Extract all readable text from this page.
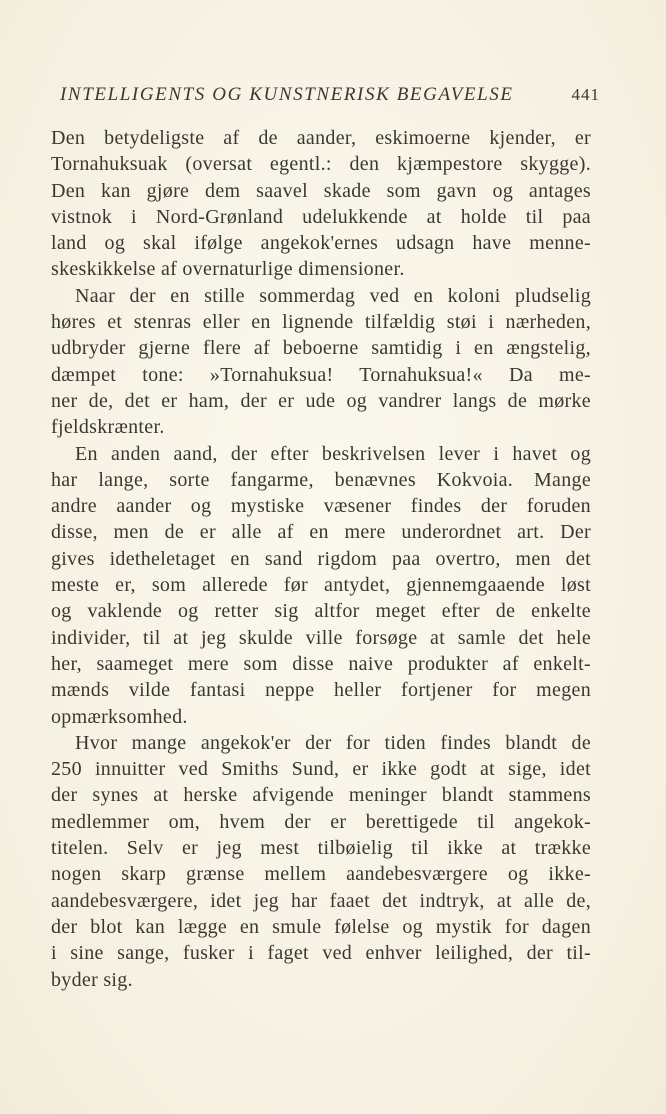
INTELLIGENTS OG KUNSTNERISK BEGAVELSE	441
Den betydeligste af de aander, eskimoerne kjender, er
Tornahuksuak (oversat egentl.: den kjæmpestore skygge).
Den kan gjøre dem saavel skade som gavn og antages
vistnok i Nord-Grønland udelukkende at holde til paa
land og skal ifølge angekok'ernes udsagn have menne-
skeskikkelse af overnaturlige dimensioner.
Naar der en stille sommerdag ved en koloni pludselig
høres et stenras eller en lignende tilfældig støi i nærheden,
udbryder gjerne flere af beboerne samtidig i en ængstelig,
dæmpet tone: »Tornahuksua! Tornahuksua!« Da me-
ner de, det er ham, der er ude og vandrer langs de mørke
fjeldskrænter.
En anden aand, der efter beskrivelsen lever i havet og
har lange, sorte fangarme, benævnes Kokvoia. Mange
andre aander og mystiske væsener findes der foruden
disse, men de er alle af en mere underordnet art. Der
gives idetheletaget en sand rigdom paa overtro, men det
meste er, som allerede før antydet, gjennemgaaende løst
og vaklende og retter sig altfor meget efter de enkelte
individer, til at jeg skulde ville forsøge at samle det hele
her, saameget mere som disse naive produkter af enkelt-
mænds vilde fantasi neppe heller fortjener for megen
opmærksomhed.
Hvor mange angekok'er der for tiden findes blandt de
250 innuitter ved Smiths Sund, er ikke godt at sige, idet
der synes at herske afvigende meninger blandt stammens
medlemmer om, hvem der er berettigede til angekok-
titelen. Selv er jeg mest tilbøielig til ikke at trække
nogen skarp grænse mellem aandebesværgere og ikke-
aandebesværgere, idet jeg har faaet det indtryk, at alle de,
der blot kan lægge en smule følelse og mystik for dagen
i sine sange, fusker i faget ved enhver leilighed, der til-
byder sig.
